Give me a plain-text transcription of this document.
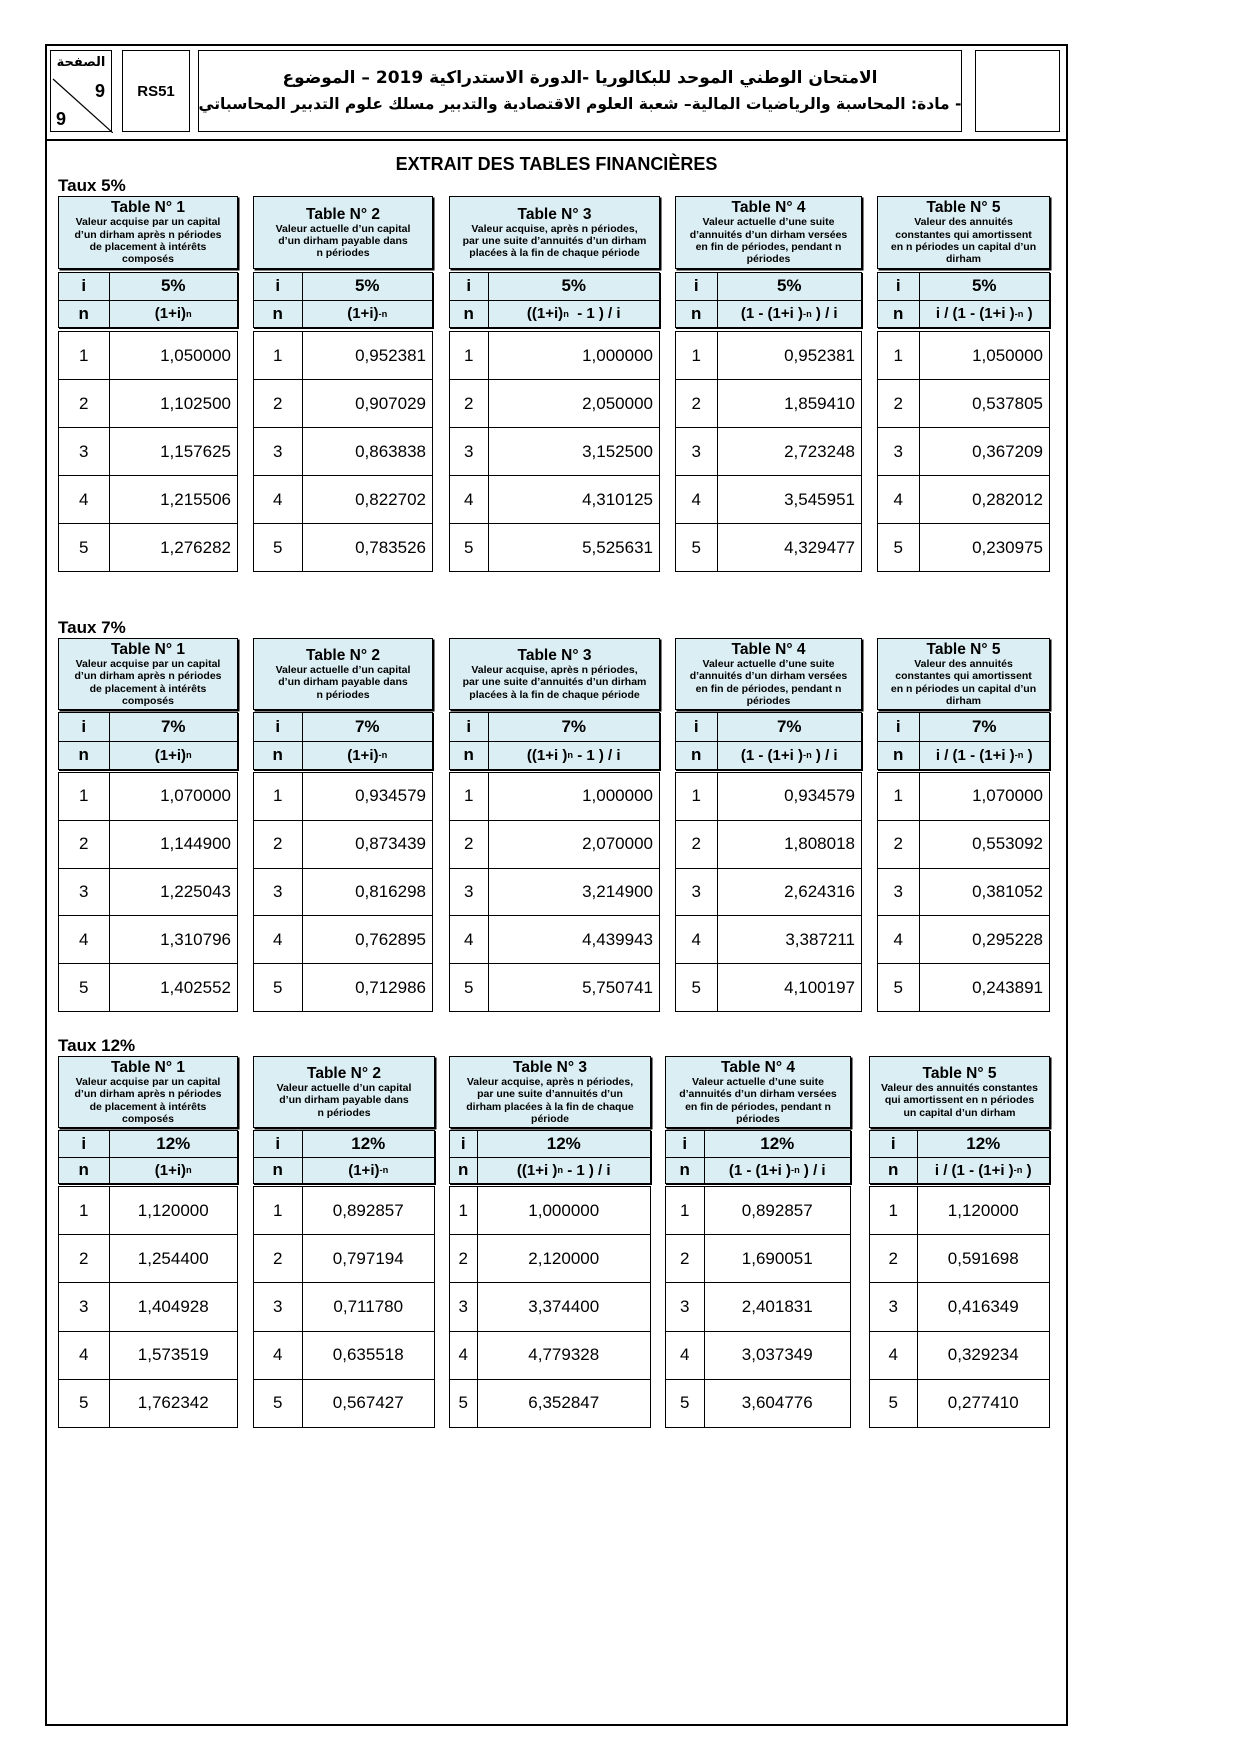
الصفحة
9
9
RS51
الامتحان الوطني الموحد للبكالوريا -الدورة الاستدراكية 2019 – الموضوع
- مادة: المحاسبة والرياضيات المالية– شعبة العلوم الاقتصادية والتدبير مسلك علوم التدبير المحاسباتي
EXTRAIT DES TABLES FINANCIÈRES
Taux 5%
Table N° 1
Valeur acquise par un capital
d’un dirham après n périodes
de placement à intérêts
composés
i	5%
n	(1+i) n
1	1,050000
2	1,102500
3	1,157625
4	1,215506
5	1,276282
Table N° 2
Valeur actuelle d’un capital
d’un dirham payable dans
n périodes
i	5%
n	(1+i) -n
1	0,952381
2	0,907029
3	0,863838
4	0,822702
5	0,783526
Table N° 3
Valeur acquise, après n périodes,
par une suite d’annuités d’un dirham
placées à la fin de chaque période
i	5%
n	((1+i) n - 1 ) / i
1	1,000000
2	2,050000
3	3,152500
4	4,310125
5	5,525631
Table N° 4
Valeur actuelle d’une suite
d’annuités d’un dirham versées
en fin de périodes, pendant n
périodes
i	5%
n	(1 - (1+i ) -n ) / i
1	0,952381
2	1,859410
3	2,723248
4	3,545951
5	4,329477
Table N° 5
Valeur des annuités
constantes qui amortissent
en n périodes un capital d’un
dirham
i	5%
n	i / (1 - (1+i ) -n )
1	1,050000
2	0,537805
3	0,367209
4	0,282012
5	0,230975
Taux 7%
Table N° 1
Valeur acquise par un capital
d’un dirham après n périodes
de placement à intérêts
composés
i	7%
n	(1+i) n
1	1,070000
2	1,144900
3	1,225043
4	1,310796
5	1,402552
Table N° 2
Valeur actuelle d’un capital
d’un dirham payable dans
n périodes
i	7%
n	(1+i) -n
1	0,934579
2	0,873439
3	0,816298
4	0,762895
5	0,712986
Table N° 3
Valeur acquise, après n périodes,
par une suite d’annuités d’un dirham
placées à la fin de chaque période
i	7%
n	((1+i ) n - 1 ) / i
1	1,000000
2	2,070000
3	3,214900
4	4,439943
5	5,750741
Table N° 4
Valeur actuelle d’une suite
d’annuités d’un dirham versées
en fin de périodes, pendant n
périodes
i	7%
n	(1 - (1+i ) -n ) / i
1	0,934579
2	1,808018
3	2,624316
4	3,387211
5	4,100197
Table N° 5
Valeur des annuités
constantes qui amortissent
en n périodes un capital d’un
dirham
i	7%
n	i / (1 - (1+i ) -n )
1	1,070000
2	0,553092
3	0,381052
4	0,295228
5	0,243891
Taux 12%
Table N° 1
Valeur acquise par un capital
d’un dirham après n périodes
de placement à intérêts
composés
i	12%
n	(1+i) n
1	1,120000
2	1,254400
3	1,404928
4	1,573519
5	1,762342
Table N° 2
Valeur actuelle d’un capital
d’un dirham payable dans
n périodes
i	12%
n	(1+i) -n
1	0,892857
2	0,797194
3	0,711780
4	0,635518
5	0,567427
Table N° 3
Valeur acquise, après n périodes,
par une suite d’annuités d’un
dirham placées à la fin de chaque
période
i	12%
n	((1+i ) n - 1 ) / i
1	1,000000
2	2,120000
3	3,374400
4	4,779328
5	6,352847
Table N° 4
Valeur actuelle d’une suite
d’annuités d’un dirham versées
en fin de périodes, pendant n
périodes
i	12%
n	(1 - (1+i ) -n ) / i
1	0,892857
2	1,690051
3	2,401831
4	3,037349
5	3,604776
Table N° 5
Valeur des annuités constantes
qui amortissent en n périodes
un capital d’un dirham
i	12%
n	i / (1 - (1+i ) -n )
1	1,120000
2	0,591698
3	0,416349
4	0,329234
5	0,277410
